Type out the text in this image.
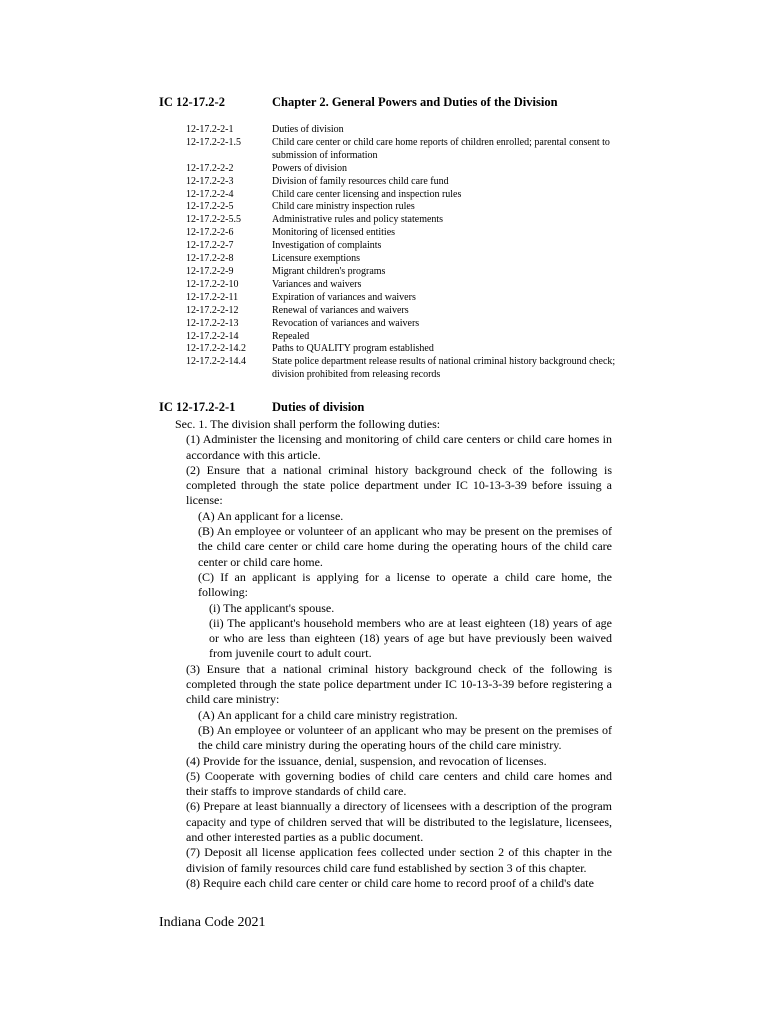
IC 12-17.2-2	Chapter 2. General Powers and Duties of the Division
12-17.2-2-1	Duties of division
12-17.2-2-1.5	Child care center or child care home reports of children enrolled; parental consent to submission of information
12-17.2-2-2	Powers of division
12-17.2-2-3	Division of family resources child care fund
12-17.2-2-4	Child care center licensing and inspection rules
12-17.2-2-5	Child care ministry inspection rules
12-17.2-2-5.5	Administrative rules and policy statements
12-17.2-2-6	Monitoring of licensed entities
12-17.2-2-7	Investigation of complaints
12-17.2-2-8	Licensure exemptions
12-17.2-2-9	Migrant children's programs
12-17.2-2-10	Variances and waivers
12-17.2-2-11	Expiration of variances and waivers
12-17.2-2-12	Renewal of variances and waivers
12-17.2-2-13	Revocation of variances and waivers
12-17.2-2-14	Repealed
12-17.2-2-14.2	Paths to QUALITY program established
12-17.2-2-14.4	State police department release results of national criminal history background check; division prohibited from releasing records
IC 12-17.2-2-1	Duties of division

Sec. 1. The division shall perform the following duties:

(1) Administer the licensing and monitoring of child care centers or child care homes in accordance with this article.

(2) Ensure that a national criminal history background check of the following is completed through the state police department under IC 10-13-3-39 before issuing a license:

(A) An applicant for a license.

(B) An employee or volunteer of an applicant who may be present on the premises of the child care center or child care home during the operating hours of the child care center or child care home.

(C) If an applicant is applying for a license to operate a child care home, the following:

(i) The applicant's spouse.

(ii) The applicant's household members who are at least eighteen (18) years of age or who are less than eighteen (18) years of age but have previously been waived from juvenile court to adult court.

(3) Ensure that a national criminal history background check of the following is completed through the state police department under IC 10-13-3-39 before registering a child care ministry:

(A) An applicant for a child care ministry registration.

(B) An employee or volunteer of an applicant who may be present on the premises of the child care ministry during the operating hours of the child care ministry.

(4) Provide for the issuance, denial, suspension, and revocation of licenses.

(5) Cooperate with governing bodies of child care centers and child care homes and their staffs to improve standards of child care.

(6) Prepare at least biannually a directory of licensees with a description of the program capacity and type of children served that will be distributed to the legislature, licensees, and other interested parties as a public document.

(7) Deposit all license application fees collected under section 2 of this chapter in the division of family resources child care fund established by section 3 of this chapter.

(8) Require each child care center or child care home to record proof of a child's date

Indiana Code 2021
